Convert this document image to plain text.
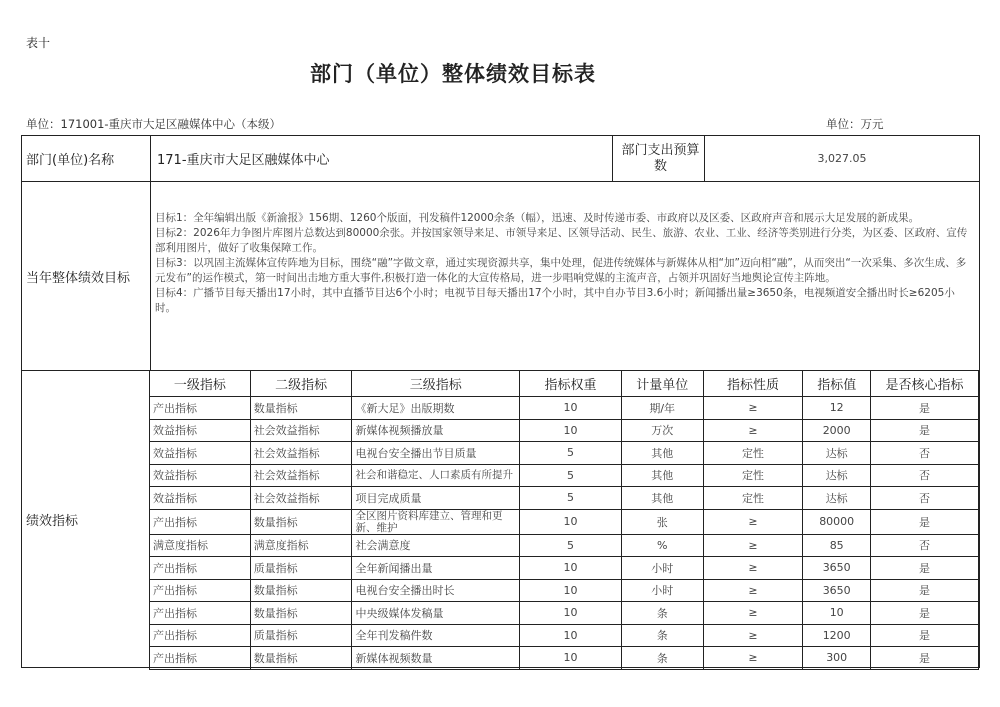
表十
部门（单位）整体绩效目标表
单位：171001-重庆市大足区融媒体中心（本级）	单位：万元
部门(单位)名称	171-重庆市大足区融媒体中心
部门支出预算数	3,027.05
当年整体绩效目标

目标1：全年编辑出版《新渝报》156期、1260个版面，刊发稿件12000余条（幅），迅速、及时传递市委、市政府以及区委、区政府声音和展示大足发展的新成果。

目标2：2026年力争图片库图片总数达到80000余张。并按国家领导来足、市领导来足、区领导活动、民生、旅游、农业、工业、经济等类别进行分类，为区委、区政府、宣传部利用图片，做好了收集保障工作。

目标3：以巩固主流媒体宣传阵地为目标，围绕“融”字做文章，通过实现资源共享，集中处理，促进传统媒体与新媒体从相“加”迈向相“融”，从而突出“一次采集、多次生成、多元发布”的运作模式，第一时间出击地方重大事件,积极打造一体化的大宣传格局，进一步唱响党媒的主流声音，占领并巩固好当地舆论宣传主阵地。

目标4：广播节目每天播出17小时，其中直播节目达6个小时；电视节目每天播出17个小时，其中自办节目3.6小时；新闻播出量≥3650条，电视频道安全播出时长≥6205小时。

绩效指标
一级指标	二级指标	三级指标	指标权重	计量单位	指标性质	指标值	是否核心指标
产出指标	数量指标	《新大足》出版期数	10	期/年	≥	12	是
效益指标	社会效益指标	新媒体视频播放量	10	万次	≥	2000	是
效益指标	社会效益指标	电视台安全播出节目质量	5	其他	定性	达标	否
效益指标	社会效益指标	社会和谐稳定、人口素质有所提升	5	其他	定性	达标	否
效益指标	社会效益指标	项目完成质量	5	其他	定性	达标	否
产出指标	数量指标	全区图片资料库建立、管理和更新、维护	10	张	≥	80000	是
满意度指标	满意度指标	社会满意度	5	%	≥	85	否
产出指标	质量指标	全年新闻播出量	10	小时	≥	3650	是
产出指标	数量指标	电视台安全播出时长	10	小时	≥	3650	是
产出指标	数量指标	中央级媒体发稿量	10	条	≥	10	是
产出指标	质量指标	全年刊发稿件数	10	条	≥	1200	是
产出指标	数量指标	新媒体视频数量	10	条	≥	300	是
